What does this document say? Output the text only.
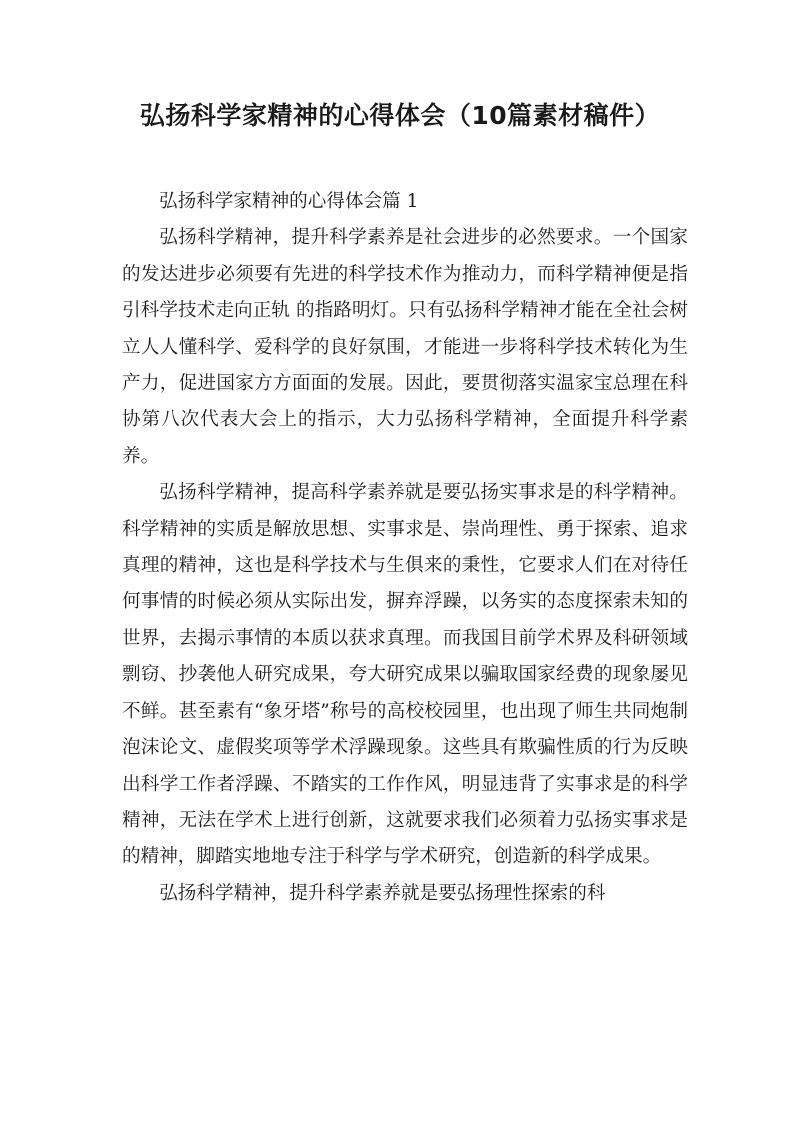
弘扬科学家精神的心得体会（10篇素材稿件）

弘扬科学家精神的心得体会篇 1

弘扬科学精神，提升科学素养是社会进步的必然要求。一个国家的发达进步必须要有先进的科学技术作为推动力，而科学精神便是指引科学技术走向正轨 的指路明灯。只有弘扬科学精神才能在全社会树立人人懂科学、爱科学的良好氛围，才能进一步将科学技术转化为生产力，促进国家方方面面的发展。因此，要贯彻落实温家宝总理在科协第八次代表大会上的指示，大力弘扬科学精神，全面提升科学素养。

弘扬科学精神，提高科学素养就是要弘扬实事求是的科学精神。科学精神的实质是解放思想、实事求是、崇尚理性、勇于探索、追求真理的精神，这也是科学技术与生俱来的秉性，它要求人们在对待任何事情的时候必须从实际出发，摒弃浮躁，以务实的态度探索未知的世界，去揭示事情的本质以获求真理。而我国目前学术界及科研领域剽窃、抄袭他人研究成果，夸大研究成果以骗取国家经费的现象屡见不鲜。甚至素有“象牙塔”称号的高校校园里，也出现了师生共同炮制泡沫论文、虚假奖项等学术浮躁现象。这些具有欺骗性质的行为反映出科学工作者浮躁、不踏实的工作作风，明显违背了实事求是的科学精神，无法在学术上进行创新，这就要求我们必须着力弘扬实事求是的精神，脚踏实地地专注于科学与学术研究，创造新的科学成果。

弘扬科学精神，提升科学素养就是要弘扬理性探索的科
